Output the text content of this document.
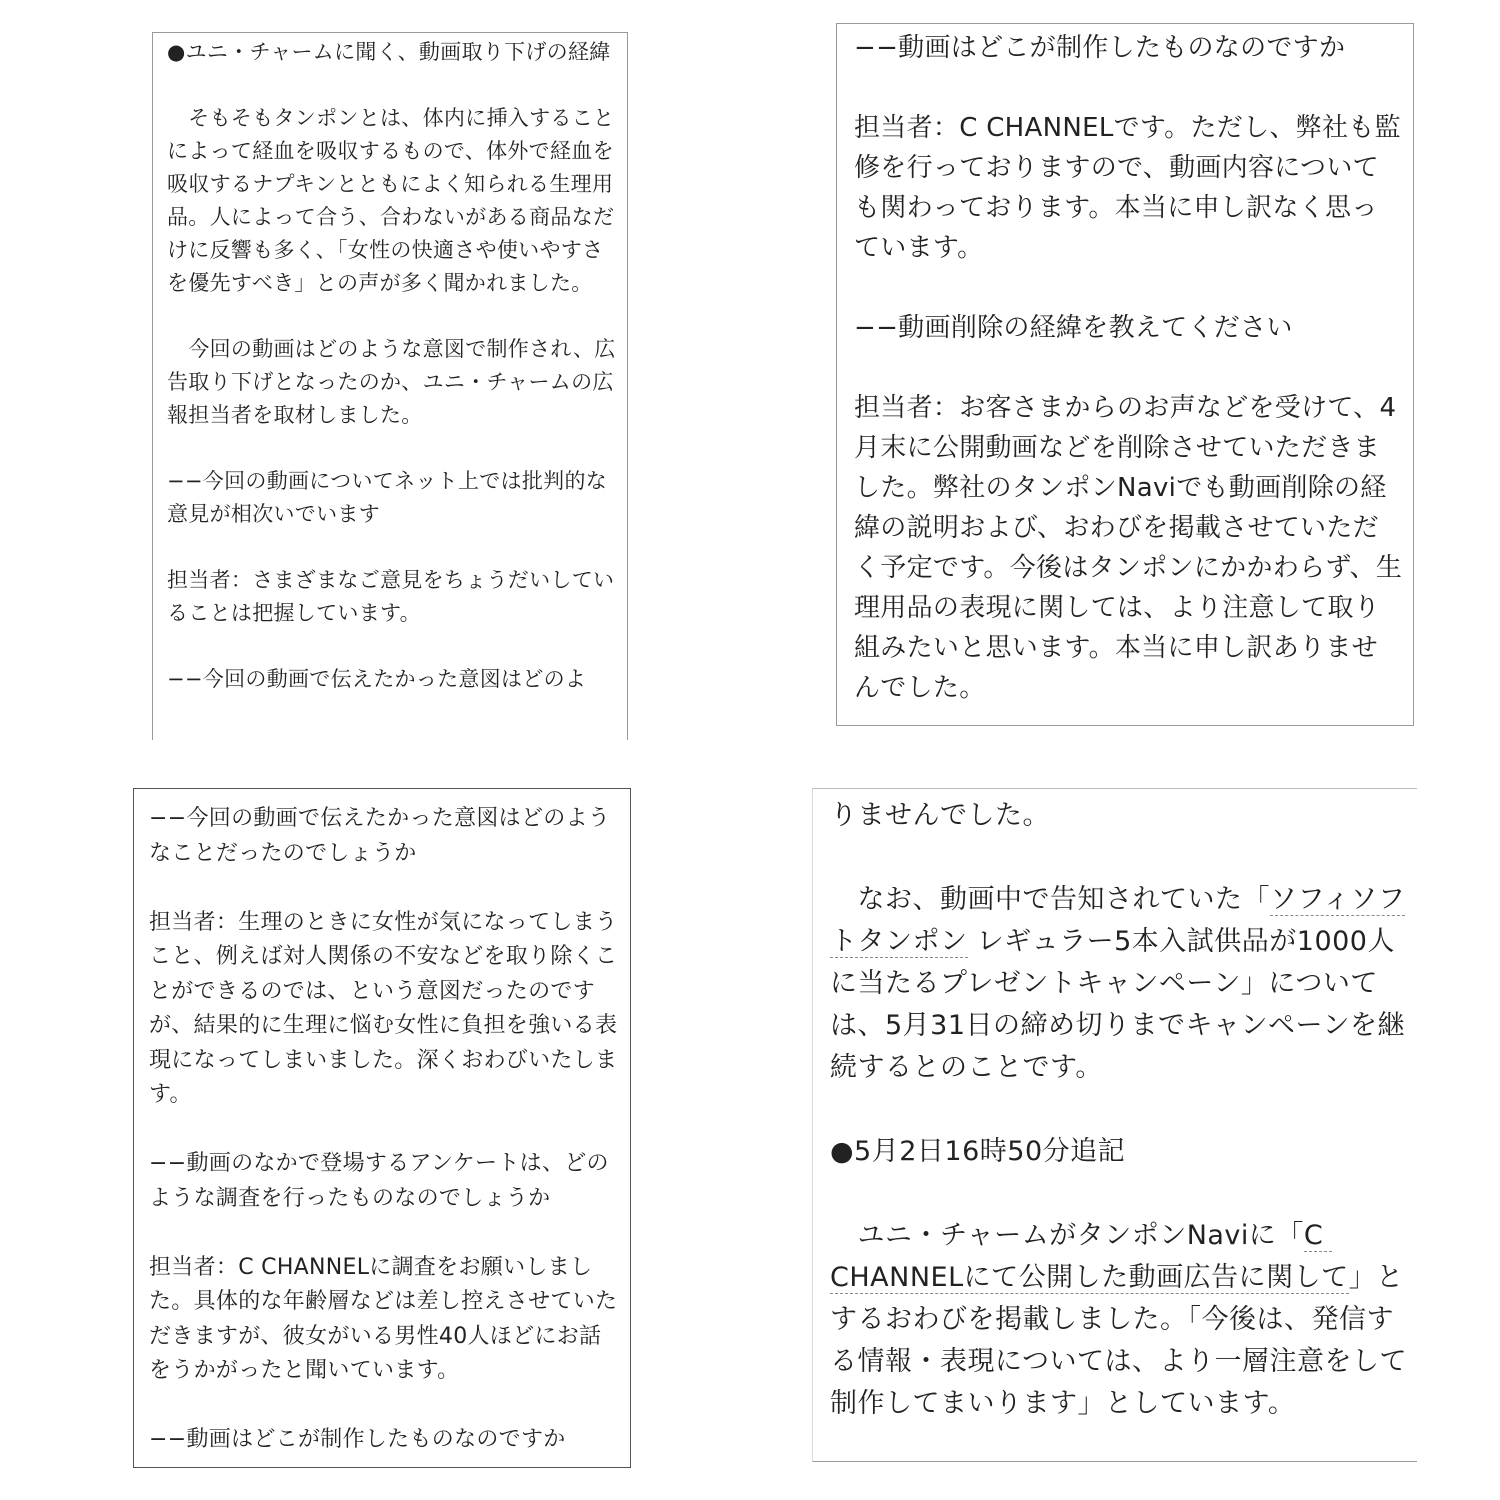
●ユニ・チャームに聞く、動画取り下げの経緯

　そもそもタンポンとは、体内に挿入することによって経血を吸収するもので、体外で経血を吸収するナプキンとともによく知られる生理用品。人によって合う、合わないがある商品なだけに反響も多く、「女性の快適さや使いやすさを優先すべき」との声が多く聞かれました。

　今回の動画はどのような意図で制作され、広告取り下げとなったのか、ユニ・チャームの広報担当者を取材しました。

−−今回の動画についてネット上では批判的な意見が相次いでいます

担当者：さまざまなご意見をちょうだいしていることは把握しています。

−−今回の動画で伝えたかった意図はどのよ

−−動画はどこが制作したものなのですか

担当者：C CHANNELです。ただし、弊社も監修を行っておりますので、動画内容についても関わっております。本当に申し訳なく思っています。

−−動画削除の経緯を教えてください

担当者：お客さまからのお声などを受けて、4月末に公開動画などを削除させていただきました。弊社のタンポンNaviでも動画削除の経緯の説明および、おわびを掲載させていただく予定です。今後はタンポンにかかわらず、生理用品の表現に関しては、より注意して取り組みたいと思います。本当に申し訳ありませんでした。

−−今回の動画で伝えたかった意図はどのようなことだったのでしょうか

担当者：生理のときに女性が気になってしまうこと、例えば対人関係の不安などを取り除くことができるのでは、という意図だったのですが、結果的に生理に悩む女性に負担を強いる表現になってしまいました。深くおわびいたします。

−−動画のなかで登場するアンケートは、どのような調査を行ったものなのでしょうか

担当者：C CHANNELに調査をお願いしました。具体的な年齢層などは差し控えさせていただきますが、彼女がいる男性40人ほどにお話をうかがったと聞いています。

−−動画はどこが制作したものなのですか

りませんでした。

　なお、動画中で告知されていた「ソフィソフトタンポン レギュラー5本入試供品が1000人に当たるプレゼントキャンペーン」については、5月31日の締め切りまでキャンペーンを継続するとのことです。

●5月2日16時50分追記

　ユニ・チャームがタンポンNaviに「C CHANNELにて公開した動画広告に関して」とするおわびを掲載しました。「今後は、発信する情報・表現については、より一層注意をして制作してまいります」としています。
